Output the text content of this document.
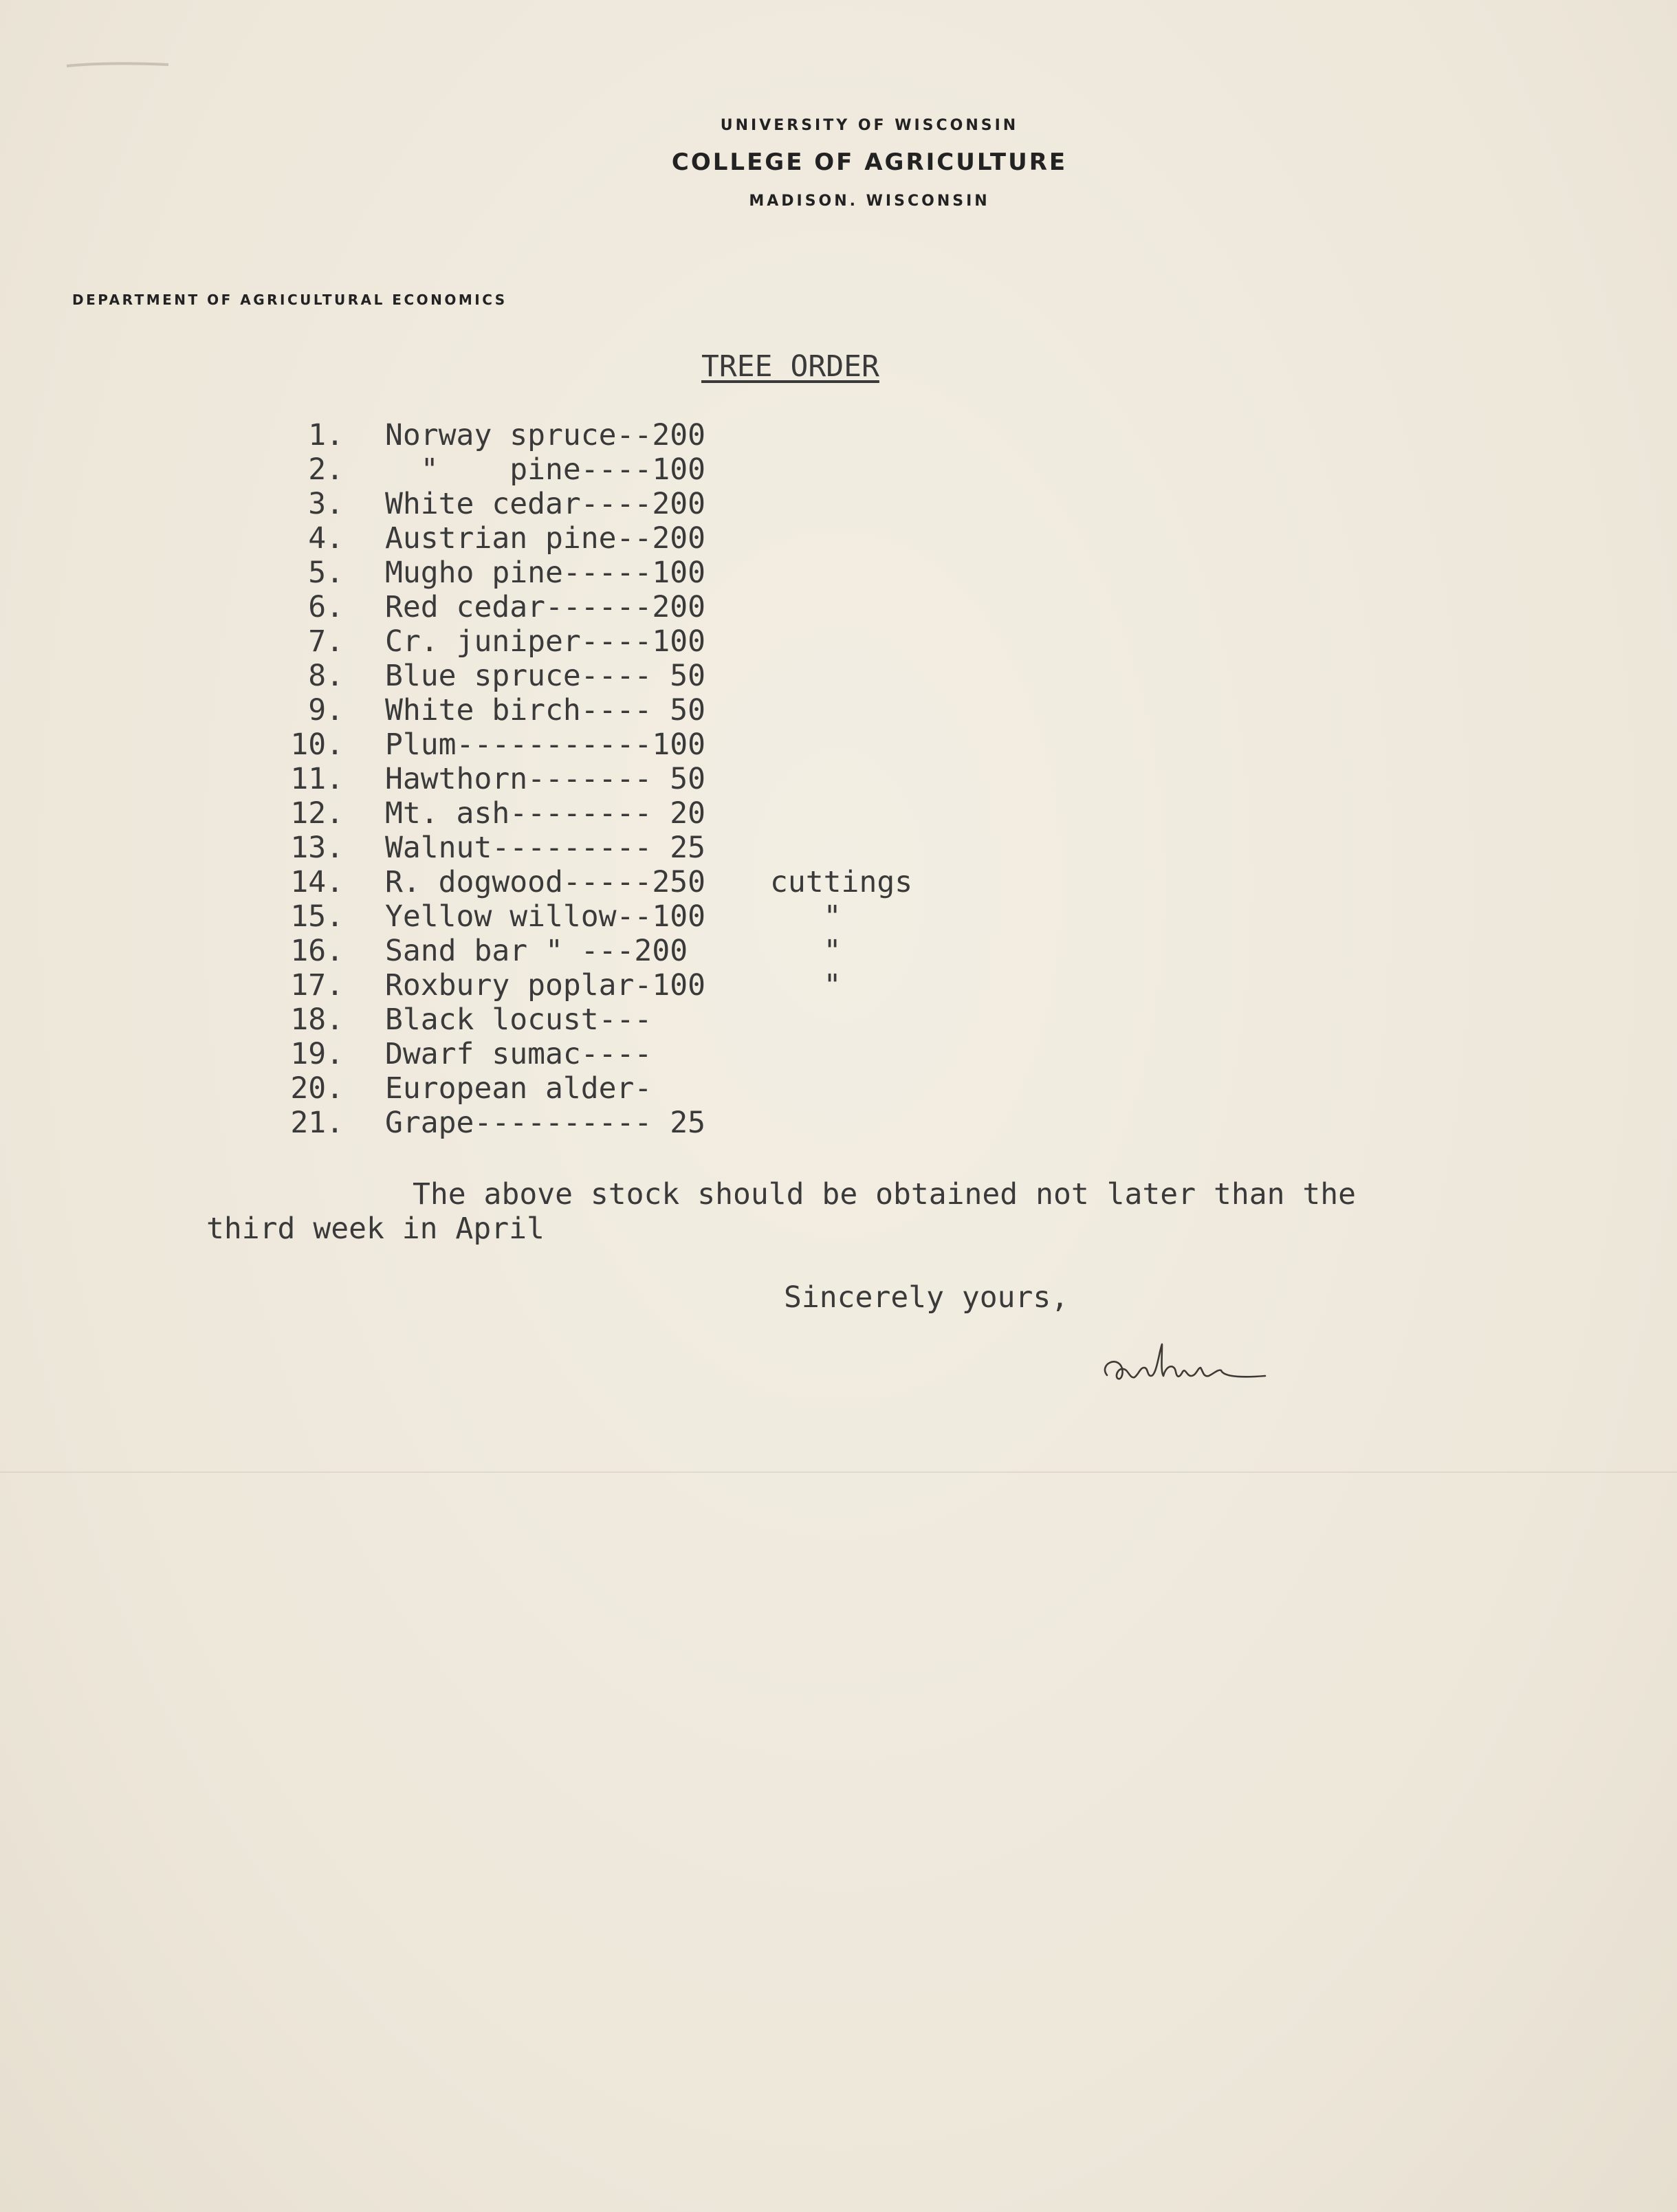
UNIVERSITY OF WISCONSIN
COLLEGE OF AGRICULTURE
MADISON. WISCONSIN
DEPARTMENT OF AGRICULTURAL ECONOMICS
TREE ORDER
1.	Norway spruce--200
2.	"    pine----100
3.	White cedar----200
4.	Austrian pine--200
5.	Mugho pine-----100
6.	Red cedar------200
7.	Cr. juniper----100
8.	Blue spruce---- 50
9.	White birch---- 50
10.	Plum-----------100
11.	Hawthorn------- 50
12.	Mt. ash-------- 20
13.	Walnut--------- 25
14.	R. dogwood-----250	cuttings
15.	Yellow willow--100	"
16.	Sand bar " ---200	"
17.	Roxbury poplar-100	"
18.	Black locust---
19.	Dwarf sumac----
20.	European alder-
21.	Grape---------- 25
The above stock should be obtained not later than the
third week in April
Sincerely yours,
